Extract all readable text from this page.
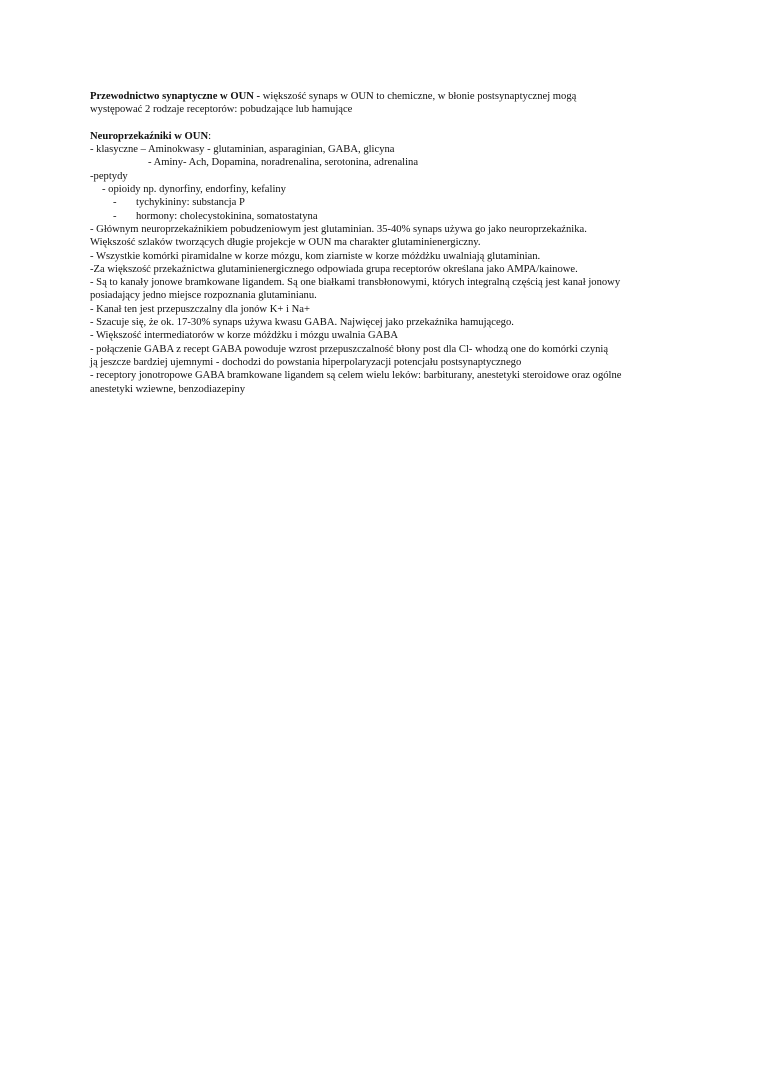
Przewodnictwo synaptyczne w OUN - większość synaps w OUN to chemiczne, w błonie postsynaptycznej mogą
występować 2 rodzaje receptorów: pobudzające lub hamujące
Neuroprzekaźniki w OUN:
- klasyczne – Aminokwasy - glutaminian, asparaginian, GABA, glicyna
- Aminy- Ach, Dopamina, noradrenalina, serotonina, adrenalina
-peptydy
- opioidy np. dynorfiny, endorfiny, kefaliny
- tychykininy: substancja P
- hormony: cholecystokinina, somatostatyna
- Głównym neuroprzekaźnikiem pobudzeniowym jest glutaminian. 35-40% synaps używa go jako neuroprzekaźnika.
Większość szlaków tworzących długie projekcje w OUN ma charakter glutaminienergiczny.
- Wszystkie komórki piramidalne w korze mózgu, kom ziarniste w korze móżdżku uwalniają glutaminian.
-Za większość przekaźnictwa glutaminienergicznego odpowiada grupa receptorów określana jako AMPA/kainowe.
- Są to kanały jonowe bramkowane ligandem. Są one białkami transbłonowymi, których integralną częścią jest kanał jonowy
posiadający jedno miejsce rozpoznania glutaminianu.
- Kanał ten jest przepuszczalny dla jonów K+ i Na+
- Szacuje się, że ok. 17-30% synaps używa kwasu GABA. Najwięcej jako przekaźnika hamującego.
- Większość intermediatorów w korze móżdżku i mózgu uwalnia GABA
- połączenie GABA z recept GABA powoduje wzrost przepuszczalność błony post dla Cl- whodzą one do komórki czynią
ją jeszcze bardziej ujemnymi - dochodzi do powstania hiperpolaryzacji potencjału postsynaptycznego
- receptory jonotropowe GABA bramkowane ligandem są celem wielu leków: barbiturany, anestetyki steroidowe oraz ogólne
anestetyki wziewne, benzodiazepiny
